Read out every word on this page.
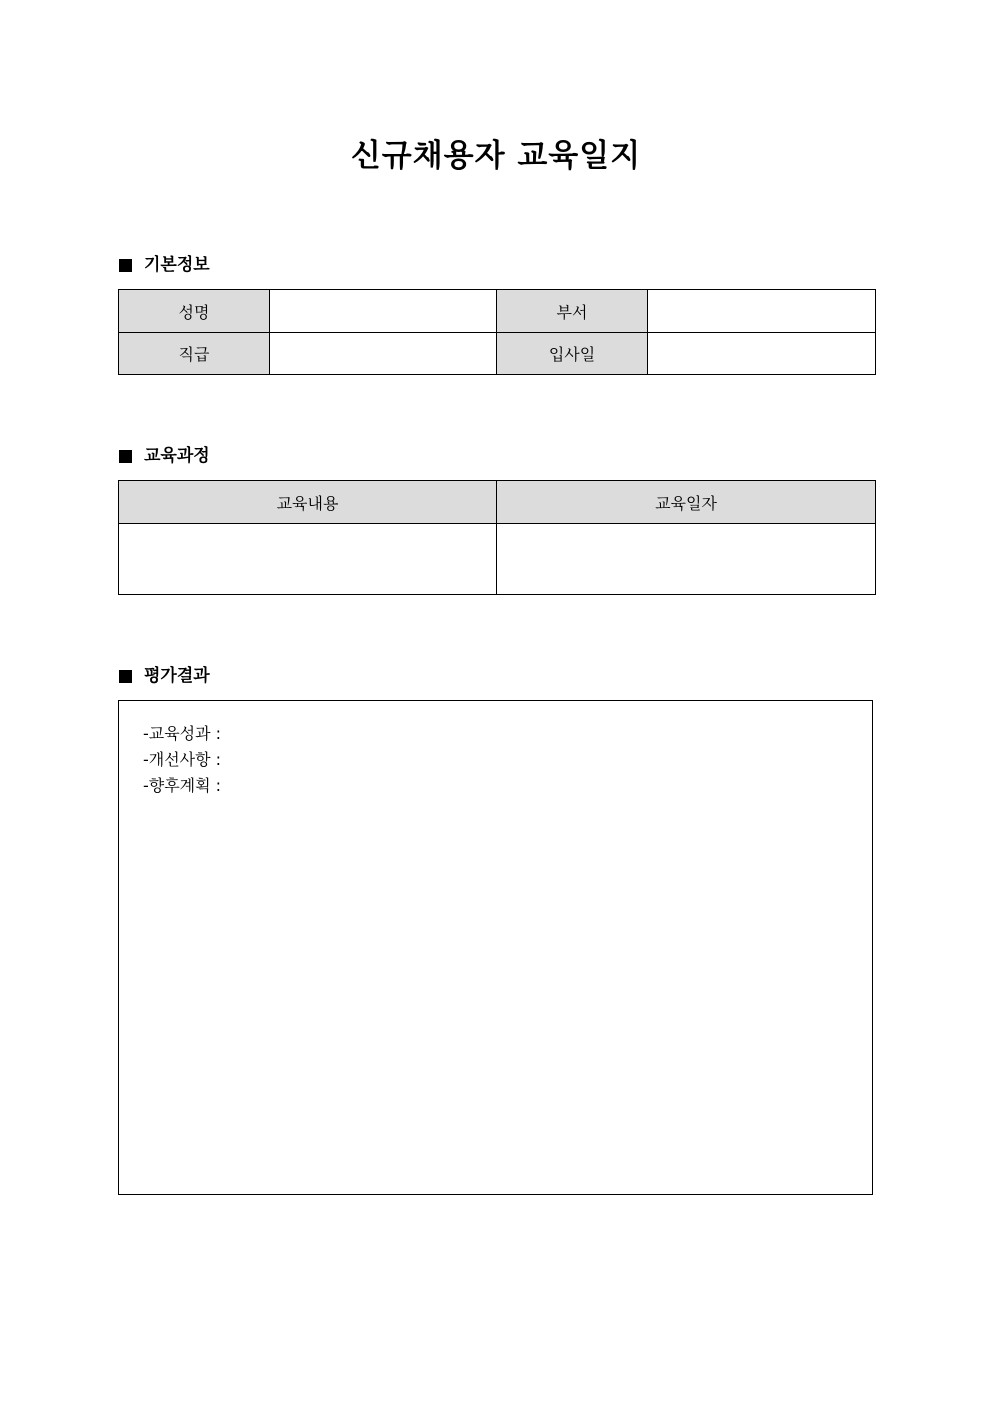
신규채용자 교육일지
기본정보
성명		부서	
직급		입사일	
교육과정
교육내용	교육일자

평가결과
-교육성과 :
-개선사항 :
-향후계획 :
